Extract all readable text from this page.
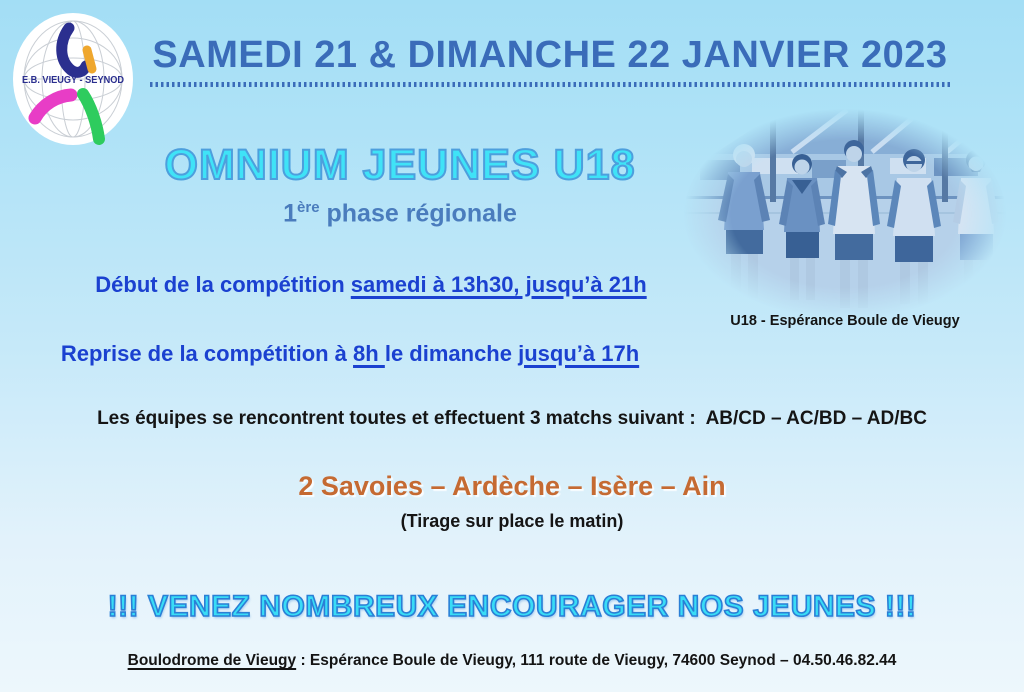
E.B. VIEUGY - SEYNOD
SAMEDI 21 & DIMANCHE 22 JANVIER 2023
OMNIUM JEUNES U18
1ère phase régionale
U18 - Espérance Boule de Vieugy
Début de la compétition samedi à 13h30, jusqu’à 21h
Reprise de la compétition à 8h le dimanche jusqu’à 17h
Les équipes se rencontrent toutes et effectuent 3 matchs suivant :  AB/CD – AC/BD – AD/BC
2 Savoies – Ardèche – Isère – Ain
(Tirage sur place le matin)
!!! VENEZ NOMBREUX ENCOURAGER NOS JEUNES !!!
Boulodrome de Vieugy : Espérance Boule de Vieugy, 111 route de Vieugy, 74600 Seynod – 04.50.46.82.44
